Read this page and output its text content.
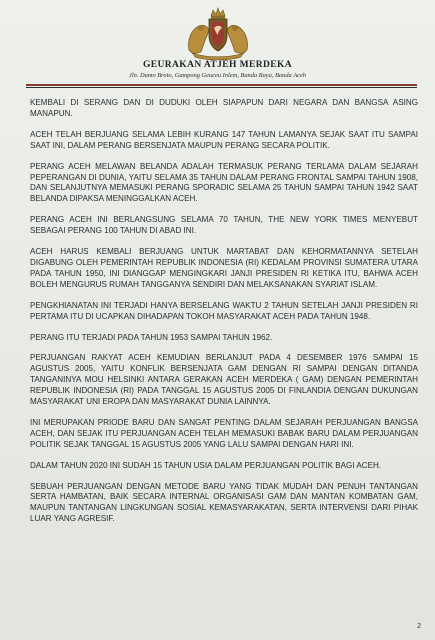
GEURAKAN ATJEH MERDEKA
Jln. Damo Broto, Gampong Geuceu Inlem, Banda Raya, Banda Aceh

KEMBALI DI SERANG DAN DI DUDUKI OLEH SIAPAPUN DARI NEGARA DAN BANGSA ASING MANAPUN.

ACEH TELAH BERJUANG SELAMA LEBIH KURANG 147 TAHUN LAMANYA SEJAK SAAT ITU SAMPAI SAAT INI, DALAM PERANG BERSENJATA MAUPUN PERANG SECARA POLITIK.

PERANG ACEH MELAWAN BELANDA ADALAH TERMASUK PERANG TERLAMA DALAM SEJARAH PEPERANGAN DI DUNIA, YAITU SELAMA 35 TAHUN DALAM PERANG FRONTAL SAMPAI TAHUN 1908, DAN SELANJUTNYA MEMASUKI PERANG SPORADIC SELAMA 25 TAHUN SAMPAI TAHUN 1942 SAAT BELANDA DIPAKSA MENINGGALKAN ACEH.

PERANG ACEH INI BERLANGSUNG SELAMA 70 TAHUN, THE NEW YORK TIMES MENYEBUT SEBAGAI PERANG 100 TAHUN DI ABAD INI.

ACEH HARUS KEMBALI BERJUANG UNTUK MARTABAT DAN KEHORMATANNYA SETELAH DIGABUNG OLEH PEMERINTAH REPUBLIK INDONESIA (RI) KEDALAM PROVINSI SUMATERA UTARA PADA TAHUN 1950, INI DIANGGAP MENGINGKARI JANJI PRESIDEN RI KETIKA ITU, BAHWA ACEH BOLEH MENGURUS RUMAH TANGGANYA SENDIRI DAN MELAKSANAKAN SYARIAT ISLAM.

PENGKHIANATAN INI TERJADI HANYA BERSELANG WAKTU 2 TAHUN SETELAH JANJI PRESIDEN RI PERTAMA ITU DI UCAPKAN DIHADAPAN TOKOH MASYARAKAT ACEH PADA TAHUN 1948.

PERANG ITU TERJADI PADA TAHUN 1953 SAMPAI TAHUN 1962.

PERJUANGAN RAKYAT ACEH KEMUDIAN BERLANJUT PADA 4 DESEMBER 1976 SAMPAI 15 AGUSTUS 2005, YAITU KONFLIK BERSENJATA GAM DENGAN RI SAMPAI DENGAN DITANDA TANGANINYA MOU HELSINKI ANTARA GERAKAN ACEH MERDEKA ( GAM) DENGAN PEMERINTAH REPUBLIK INDONESIA (RI) PADA TANGGAL 15 AGUSTUS 2005 DI FINLANDIA DENGAN DUKUNGAN MASYARAKAT UNI EROPA DAN MASYARAKAT DUNIA LAINNYA.

INI MERUPAKAN PRIODE BARU DAN SANGAT PENTING DALAM SEJARAH PERJUANGAN BANGSA ACEH, DAN SEJAK ITU PERJUANGAN ACEH TELAH MEMASUKI BABAK BARU DALAM PERJUANGAN POLITIK SEJAK TANGGAL 15 AGUSTUS 2005 YANG LALU SAMPAI DENGAN HARI INI.

DALAM TAHUN 2020 INI SUDAH 15 TAHUN USIA DALAM PERJUANGAN POLITIK BAGI ACEH.

SEBUAH PERJUANGAN DENGAN METODE BARU YANG TIDAK MUDAH DAN PENUH TANTANGAN SERTA HAMBATAN, BAIK SECARA INTERNAL ORGANISASI GAM DAN MANTAN KOMBATAN GAM, MAUPUN TANTANGAN LINGKUNGAN SOSIAL KEMASYARAKATAN, SERTA INTERVENSI DARI PIHAK LUAR YANG AGRESIF.

2
